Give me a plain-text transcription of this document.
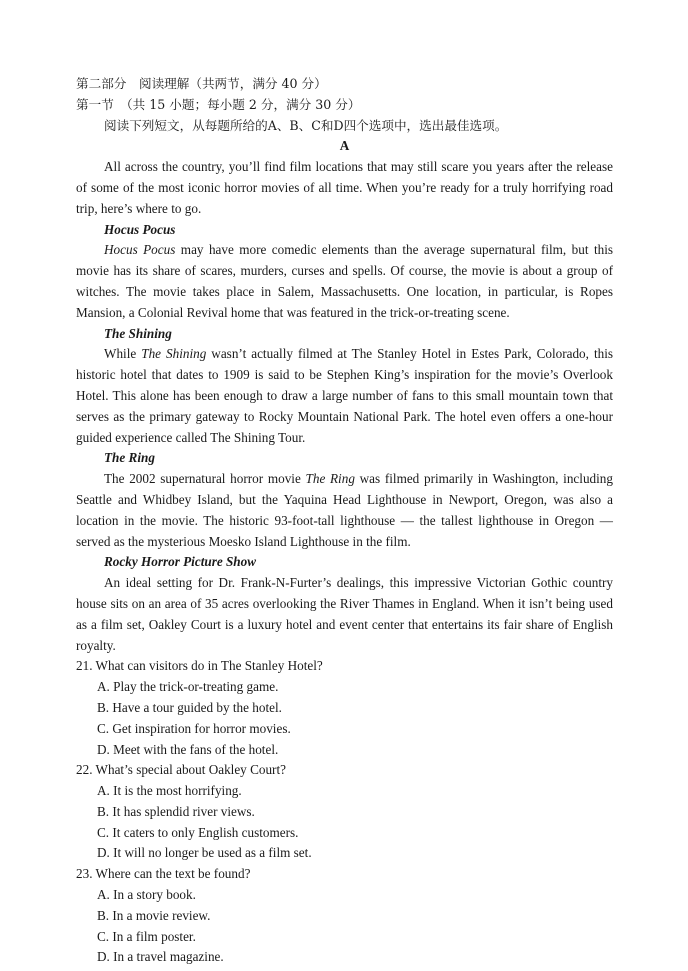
第二部分　阅读理解（共两节，满分 40 分）
第一节　（共 15 小题；每小题 2 分，满分 30 分）
阅读下列短文，从每题所给的A、B、C和D四个选项中，选出最佳选项。
A

All across the country, you’ll find film locations that may still scare you years after the release of some of the most iconic horror movies of all time. When you’re ready for a truly horrifying road trip, here’s where to go.

Hocus Pocus

Hocus Pocus may have more comedic elements than the average supernatural film, but this movie has its share of scares, murders, curses and spells. Of course, the movie is about a group of witches. The movie takes place in Salem, Massachusetts. One location, in particular, is Ropes Mansion, a Colonial Revival home that was featured in the trick-or-treating scene.

The Shining

While The Shining wasn’t actually filmed at The Stanley Hotel in Estes Park, Colorado, this historic hotel that dates to 1909 is said to be Stephen King’s inspiration for the movie’s Overlook Hotel. This alone has been enough to draw a large number of fans to this small mountain town that serves as the primary gateway to Rocky Mountain National Park. The hotel even offers a one-hour guided experience called The Shining Tour.

The Ring

The 2002 supernatural horror movie The Ring was filmed primarily in Washington, including Seattle and Whidbey Island, but the Yaquina Head Lighthouse in Newport, Oregon, was also a location in the movie. The historic 93-foot-tall lighthouse — the tallest lighthouse in Oregon — served as the mysterious Moesko Island Lighthouse in the film.

Rocky Horror Picture Show

An ideal setting for Dr. Frank-N-Furter’s dealings, this impressive Victorian Gothic country house sits on an area of 35 acres overlooking the River Thames in England. When it isn’t being used as a film set, Oakley Court is a luxury hotel and event center that entertains its fair share of English royalty.

21. What can visitors do in The Stanley Hotel?
A. Play the trick-or-treating game.
B. Have a tour guided by the hotel.
C. Get inspiration for horror movies.
D. Meet with the fans of the hotel.
22. What’s special about Oakley Court?
A. It is the most horrifying.
B. It has splendid river views.
C. It caters to only English customers.
D. It will no longer be used as a film set.
23. Where can the text be found?
A. In a story book.
B. In a movie review.
C. In a film poster.
D. In a travel magazine.
